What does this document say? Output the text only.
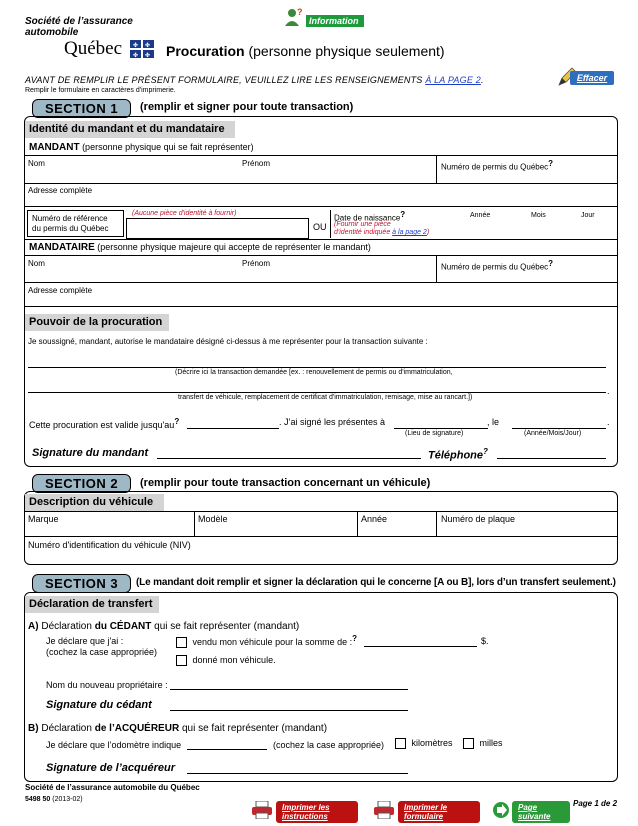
Société de l’assurance
automobile
Québec ✤ ✤
✤ ✤ Procuration (personne physique seulement)
?
Information
AVANT DE REMPLIR LE PRÉSENT FORMULAIRE, VEUILLEZ LIRE LES RENSEIGNEMENTS À LA PAGE 2.
Remplir le formulaire en caractères d'imprimerie.
Effacer
SECTION 1	(remplir et signer pour toute transaction)
Identité du mandant et du mandataire
MANDANT (personne physique qui se fait représenter)
Nom	Prénom	Numéro de permis du Québec?
Adresse complète
Numéro de référence
du permis du Québec
(Aucune pièce d'identité à fournir)
OU
Date de naissance?
(Fournir une pièce
d'identité indiquée à la page 2)
Année	Mois	Jour
MANDATAIRE (personne physique majeure qui accepte de représenter le mandant)
Nom	Prénom	Numéro de permis du Québec?
Adresse complète
Pouvoir de la procuration
Je soussigné, mandant, autorise le mandataire désigné ci-dessus à me représenter pour la transaction suivante :
(Décrire ici la transaction demandée [ex. : renouvellement de permis ou d'immatriculation,
.
transfert de véhicule, remplacement de certificat d'immatriculation, remisage, mise au rancart.])
Cette procuration est valide jusqu'au?	. J’ai signé les présentes à	, le	.
(Lieu de signature)	(Année/Mois/Jour)
Signature du mandant	Téléphone?
SECTION 2	(remplir pour toute transaction concernant un véhicule)
Description du véhicule
Marque	Modèle	Année	Numéro de plaque
Numéro d'identification du véhicule (NIV)
SECTION 3	(Le mandant doit remplir et signer la déclaration qui le concerne [A ou B], lors d’un transfert seulement.)
Déclaration de transfert
A) Déclaration du CÉDANT qui se fait représenter (mandant)
Je déclare que j'ai :
(cochez la case appropriée)
vendu mon véhicule pour la somme de :?	$.
donné mon véhicule.
Nom du nouveau propriétaire :
Signature du cédant
B) Déclaration de l’ACQUÉREUR qui se fait représenter (mandant)
Je déclare que l’odomètre indique	(cochez la case appropriée)	kilomètres	milles
Signature de l’acquéreur
Société de l’assurance automobile du Québec
5498 50 (2013-02)
Imprimer les instructions
Imprimer le formulaire
Page suivante
Page 1 de 2
